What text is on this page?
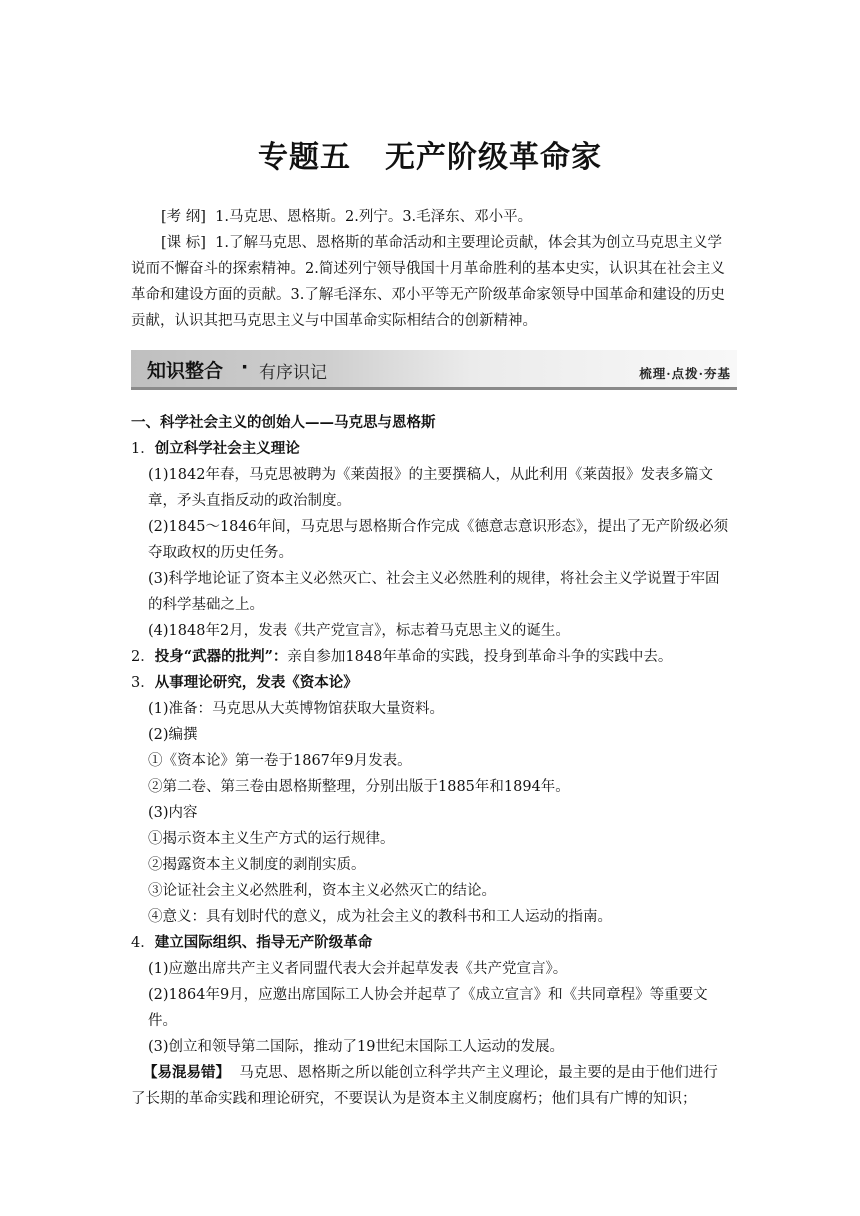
专题五 无产阶级革命家
[考 纲] 1.马克思、恩格斯。2.列宁。3.毛泽东、邓小平。
[课 标] 1.了解马克思、恩格斯的革命活动和主要理论贡献，体会其为创立马克思主义学说而不懈奋斗的探索精神。2.简述列宁领导俄国十月革命胜利的基本史实，认识其在社会主义革命和建设方面的贡献。3.了解毛泽东、邓小平等无产阶级革命家领导中国革命和建设的历史贡献，认识其把马克思主义与中国革命实际相结合的创新精神。
知识整合 · 有序识记	梳理·点拨·夯基
一、科学社会主义的创始人——马克思与恩格斯
1．创立科学社会主义理论
(1)1842年春，马克思被聘为《莱茵报》的主要撰稿人，从此利用《莱茵报》发表多篇文章，矛头直指反动的政治制度。
(2)1845～1846年间，马克思与恩格斯合作完成《德意志意识形态》，提出了无产阶级必须夺取政权的历史任务。
(3)科学地论证了资本主义必然灭亡、社会主义必然胜利的规律，将社会主义学说置于牢固的科学基础之上。
(4)1848年2月，发表《共产党宣言》，标志着马克思主义的诞生。
2．投身“武器的批判”：亲自参加1848年革命的实践，投身到革命斗争的实践中去。
3．从事理论研究，发表《资本论》
(1)准备：马克思从大英博物馆获取大量资料。
(2)编撰
①《资本论》第一卷于1867年9月发表。
②第二卷、第三卷由恩格斯整理，分别出版于1885年和1894年。
(3)内容
①揭示资本主义生产方式的运行规律。
②揭露资本主义制度的剥削实质。
③论证社会主义必然胜利，资本主义必然灭亡的结论。
④意义：具有划时代的意义，成为社会主义的教科书和工人运动的指南。
4．建立国际组织、指导无产阶级革命
(1)应邀出席共产主义者同盟代表大会并起草发表《共产党宣言》。
(2)1864年9月，应邀出席国际工人协会并起草了《成立宣言》和《共同章程》等重要文件。
(3)创立和领导第二国际，推动了19世纪末国际工人运动的发展。
【易混易错】 马克思、恩格斯之所以能创立科学共产主义理论，最主要的是由于他们进行了长期的革命实践和理论研究，不要误认为是资本主义制度腐朽；他们具有广博的知识；
